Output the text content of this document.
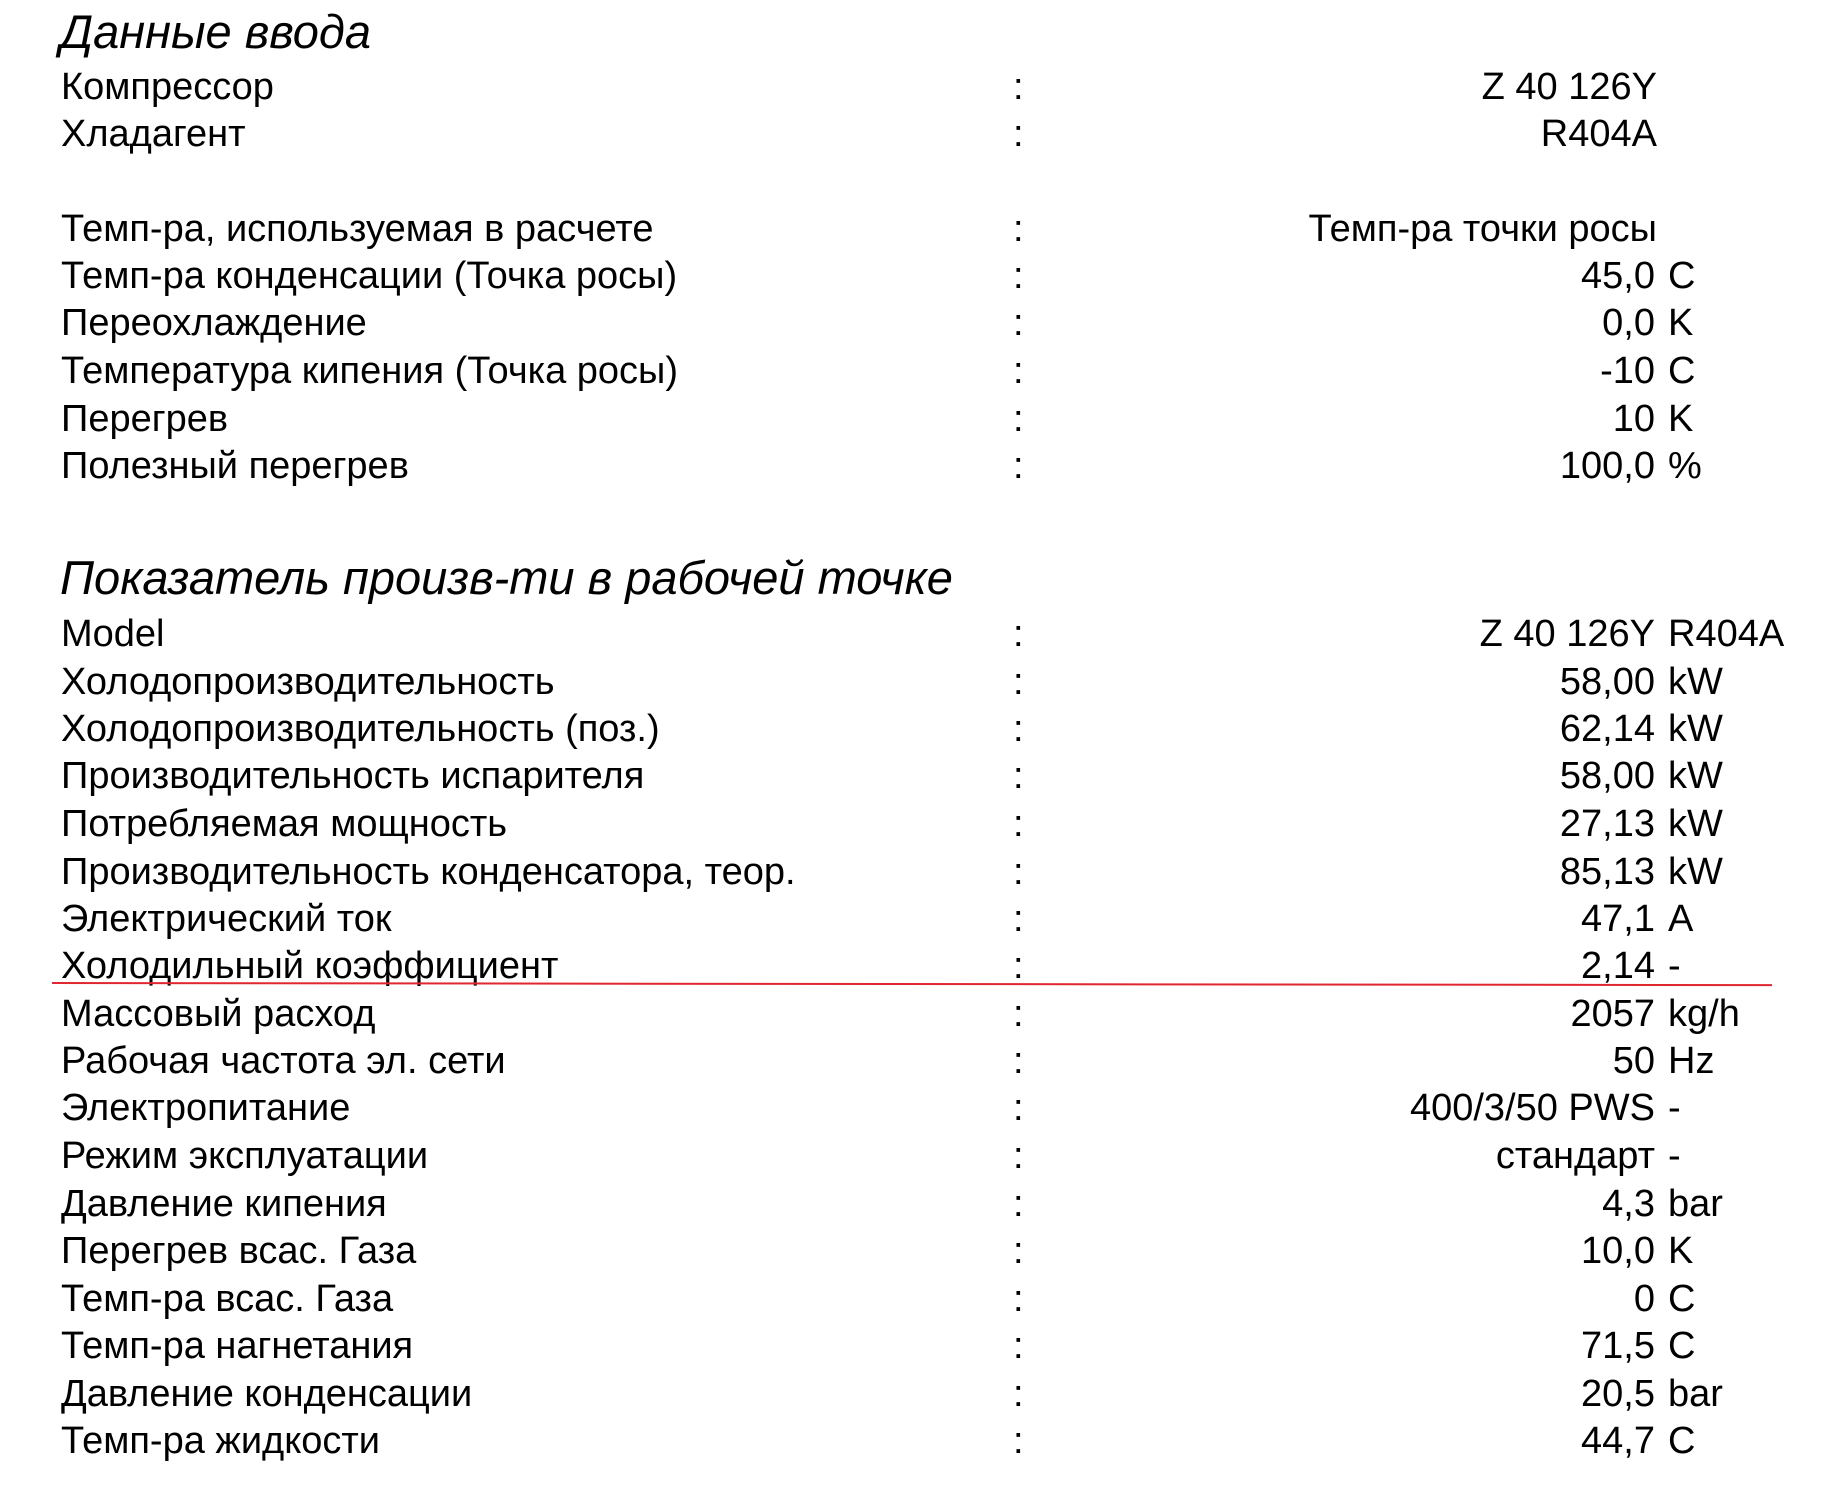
Данные ввода
Компрессор	:	Z 40 126Y
Хладагент	:	R404A
Темп-ра, используемая в расчете	:	Темп-ра точки росы
Темп-ра конденсации (Точка росы)	:	45,0 C
Переохлаждение	:	0,0 K
Температура кипения (Точка росы)	:	-10 C
Перегрев	:	10 K
Полезный перегрев	:	100,0 %
Показатель произв-ти в рабочей точке
Model	:	Z 40 126Y R404A
Холодопроизводительность	:	58,00 kW
Холодопроизводительность (поз.)	:	62,14 kW
Производительность испарителя	:	58,00 kW
Потребляемая мощность	:	27,13 kW
Производительность конденсатора, теор.	:	85,13 kW
Электрический ток	:	47,1 A
Холодильный коэффициент	:	2,14 -
Массовый расход	:	2057 kg/h
Рабочая частота эл. сети	:	50 Hz
Электропитание	:	400/3/50 PWS -
Режим эксплуатации	:	стандарт -
Давление кипения	:	4,3 bar
Перегрев всас. Газа	:	10,0 K
Темп-ра всас. Газа	:	0 C
Темп-ра нагнетания	:	71,5 C
Давление конденсации	:	20,5 bar
Темп-ра жидкости	:	44,7 C
